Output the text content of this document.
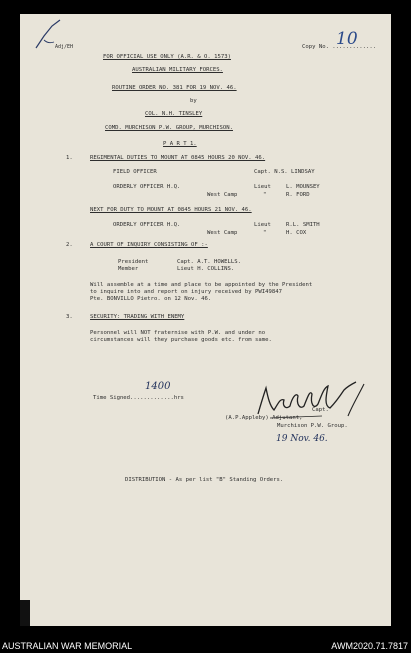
Adj/EH
FOR OFFICIAL USE ONLY (A.R. & O. 1573)
Copy No. .............
10
AUSTRALIAN MILITARY FORCES.
ROUTINE ORDER NO. 381 FOR 19 NOV. 46.
by
COL. N.H. TINSLEY
COMD. MURCHISON P.W. GROUP, MURCHISON.
P A R T 1.
1.	REGIMENTAL DUTIES TO MOUNT AT 0845 HOURS 20 NOV. 46.
FIELD OFFICER	Capt. N.S. LINDSAY
ORDERLY OFFICER H.Q.	Lieut	L. MOUNSEY
West Camp	"	R. FORD
NEXT FOR DUTY TO MOUNT AT 0845 HOURS 21 NOV. 46.
ORDERLY OFFICER H.Q.	Lieut	R.L. SMITH
West Camp	"	H. COX
2.	A COURT OF INQUIRY CONSISTING OF :-
President	Capt. A.T. HOWELLS.
Member	Lieut H. COLLINS.
Will assemble at a time and place to be appointed by the President
to inquire into and report on injury received by PWI49847
Pte. BONVILLO Pietro. on 12 Nov. 46.
3.	SECURITY: TRADING WITH ENEMY
Personnel will NOT fraternise with P.W. and under no
circumstances will they purchase goods etc. from same.
Time Signed.............hrs
1400
Capt.
(A.P.Appleby) Adjutant,
Murchison P.W. Group.
19 Nov. 46.
DISTRIBUTION - As per list "B" Standing Orders.
AUSTRALIAN WAR MEMORIAL	AWM2020.71.7817
